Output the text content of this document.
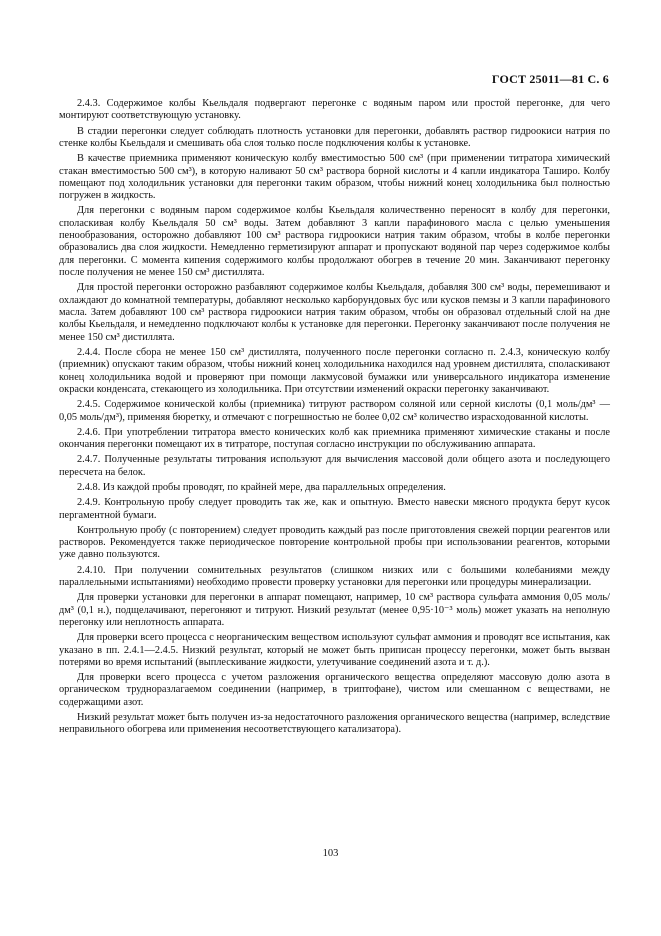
ГОСТ 25011—81 С. 6

2.4.3. Содержимое колбы Кьельдаля подвергают перегонке с водяным паром или простой перегонке, для чего монтируют соответствующую установку.

В стадии перегонки следует соблюдать плотность установки для перегонки, добавлять раствор гидроокиси натрия по стенке колбы Кьельдаля и смешивать оба слоя только после подключения колбы к установке.

В качестве приемника применяют коническую колбу вместимостью 500 см³ (при применении титратора химический стакан вместимостью 500 см³), в которую наливают 50 см³ раствора борной кислоты и 4 капли индикатора Таширо. Колбу помещают под холодильник установки для перегонки таким образом, чтобы нижний конец холодильника был полностью погружен в жидкость.

Для перегонки с водяным паром содержимое колбы Кьельдаля количественно переносят в колбу для перегонки, споласкивая колбу Кьельдаля 50 см³ воды. Затем добавляют 3 капли парафинового масла с целью уменьшения пенообразования, осторожно добавляют 100 см³ раствора гидроокиси натрия таким образом, чтобы в колбе перегонки образовались два слоя жидкости. Немедленно герметизируют аппарат и пропускают водяной пар через содержимое колбы для перегонки. С момента кипения содержимого колбы продолжают обогрев в течение 20 мин. Заканчивают перегонку после получения не менее 150 см³ дистиллята.

Для простой перегонки осторожно разбавляют содержимое колбы Кьельдаля, добавляя 300 см³ воды, перемешивают и охлаждают до комнатной температуры, добавляют несколько карборундовых бус или кусков пемзы и 3 капли парафинового масла. Затем добавляют 100 см³ раствора гидроокиси натрия таким образом, чтобы он образовал отдельный слой на дне колбы Кьельдаля, и немедленно подключают колбы к установке для перегонки. Перегонку заканчивают после получения не менее 150 см³ дистиллята.

2.4.4. После сбора не менее 150 см³ дистиллята, полученного после перегонки согласно п. 2.4.3, коническую колбу (приемник) опускают таким образом, чтобы нижний конец холодильника находился над уровнем дистиллята, споласкивают конец холодильника водой и проверяют при помощи лакмусовой бумажки или универсального индикатора изменение окраски конденсата, стекающего из холодильника. При отсутствии изменений окраски перегонку заканчивают.

2.4.5. Содержимое конической колбы (приемника) титруют раствором соляной или серной кислоты (0,1 моль/дм³ — 0,05 моль/дм³), применяя бюретку, и отмечают с погрешностью не более 0,02 см³ количество израсходованной кислоты.

2.4.6. При употреблении титратора вместо конических колб как приемника применяют химические стаканы и после окончания перегонки помещают их в титраторе, поступая согласно инструкции по обслуживанию аппарата.

2.4.7. Полученные результаты титрования используют для вычисления массовой доли общего азота и последующего пересчета на белок.

2.4.8. Из каждой пробы проводят, по крайней мере, два параллельных определения.

2.4.9. Контрольную пробу следует проводить так же, как и опытную. Вместо навески мясного продукта берут кусок пергаментной бумаги.

Контрольную пробу (с повторением) следует проводить каждый раз после приготовления свежей порции реагентов или растворов. Рекомендуется также периодическое повторение контрольной пробы при использовании реагентов, которыми уже давно пользуются.

2.4.10. При получении сомнительных результатов (слишком низких или с большими колебаниями между параллельными испытаниями) необходимо провести проверку установки для перегонки или процедуры минерализации.

Для проверки установки для перегонки в аппарат помещают, например, 10 см³ раствора сульфата аммония 0,05 моль/дм³ (0,1 н.), подщелачивают, перегоняют и титруют. Низкий результат (менее 0,95·10⁻³ моль) может указать на неполную перегонку или неплотность аппарата.

Для проверки всего процесса с неорганическим веществом используют сульфат аммония и проводят все испытания, как указано в пп. 2.4.1—2.4.5. Низкий результат, который не может быть приписан процессу перегонки, может быть вызван потерями во время испытаний (выплескивание жидкости, улетучивание соединений азота и т. д.).

Для проверки всего процесса с учетом разложения органического вещества определяют массовую долю азота в органическом трудноразлагаемом соединении (например, в триптофане), чистом или смешанном с веществами, не содержащими азот.

Низкий результат может быть получен из-за недостаточного разложения органического вещества (например, вследствие неправильного обогрева или применения несоответствующего катализатора).

103
